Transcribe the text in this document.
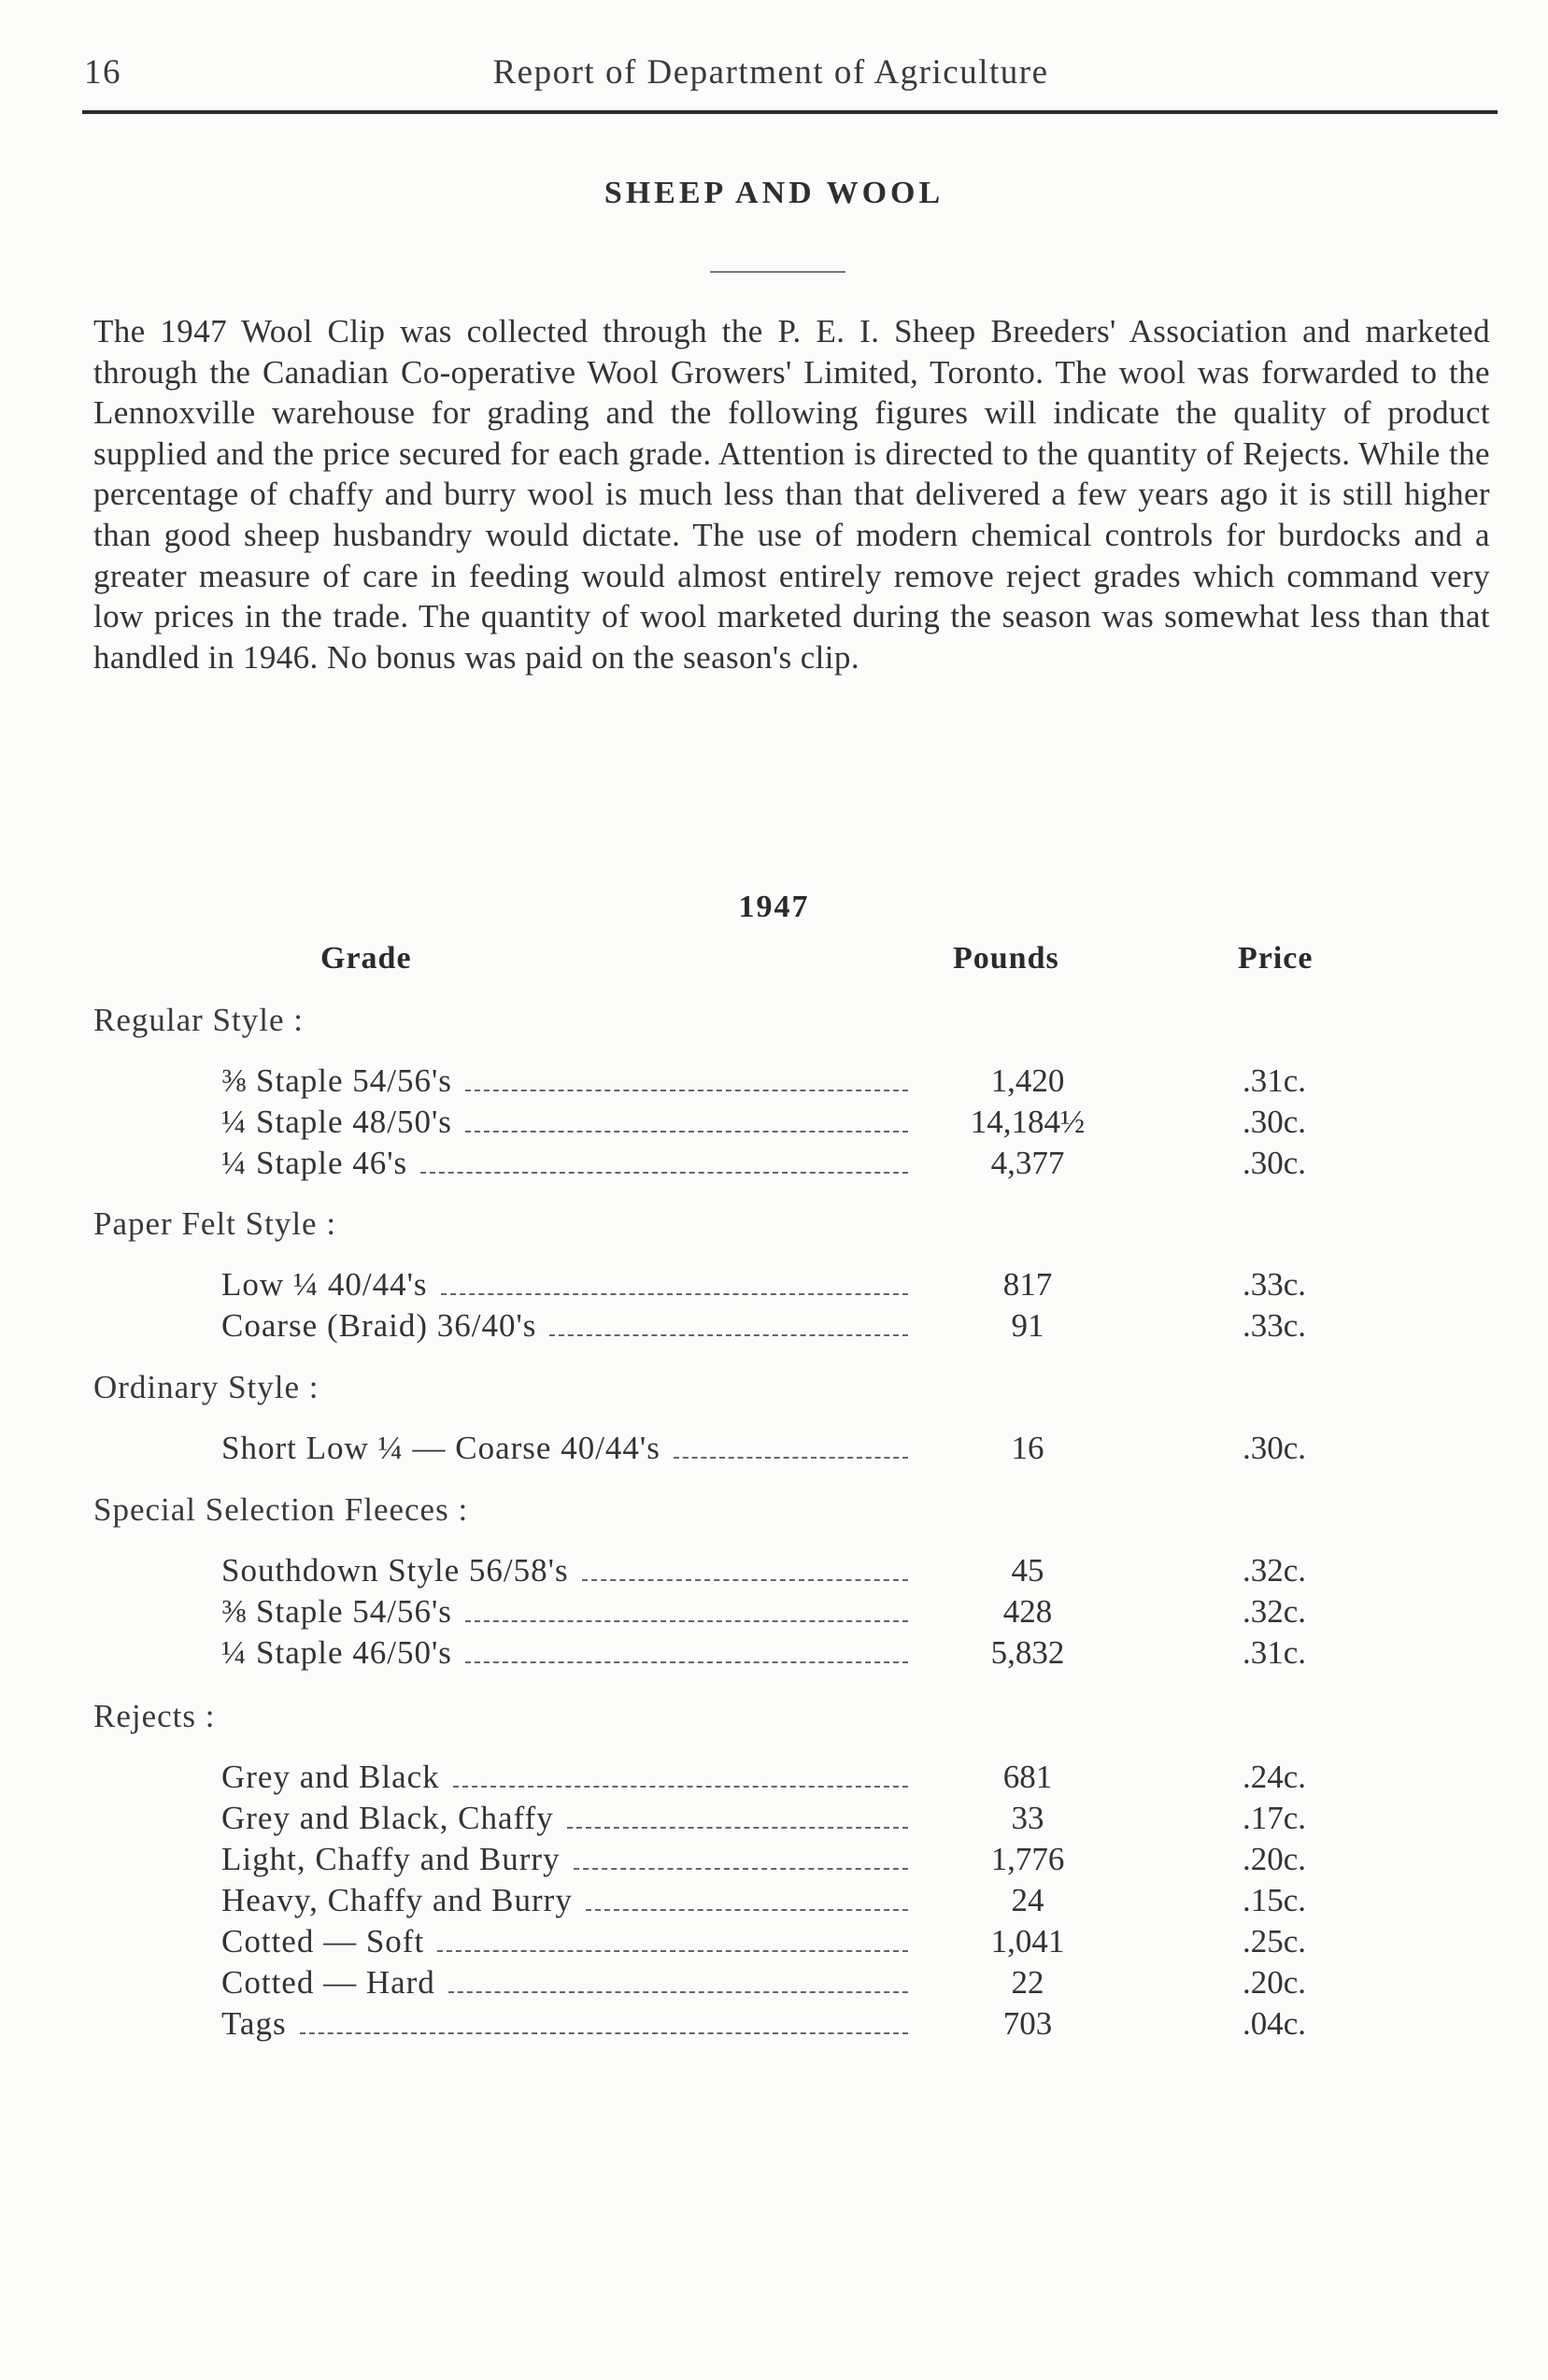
16	Report of Department of Agriculture
SHEEP AND WOOL
The 1947 Wool Clip was collected through the P. E. I. Sheep Breeders' Association and marketed through the Canadian Co-operative Wool Growers' Limited, Toronto. The wool was forwarded to the Lennoxville warehouse for grading and the following figures will indicate the quality of product supplied and the price secured for each grade. Attention is directed to the quantity of Rejects. While the percentage of chaffy and burry wool is much less than that delivered a few years ago it is still higher than good sheep husbandry would dictate. The use of modern chemical controls for burdocks and a greater measure of care in feeding would almost entirely remove reject grades which command very low prices in the trade. The quantity of wool marketed during the season was somewhat less than that handled in 1946. No bonus was paid on the season's clip.
1947
Grade	Pounds	Price
Regular Style :
⅜ Staple 54/56's	1,420	.31c.
¼ Staple 48/50's	14,184½	.30c.
¼ Staple 46's	4,377	.30c.
Paper Felt Style :
Low ¼ 40/44's	817	.33c.
Coarse (Braid) 36/40's	91	.33c.
Ordinary Style :
Short Low ¼ — Coarse 40/44's	16	.30c.
Special Selection Fleeces :
Southdown Style 56/58's	45	.32c.
⅜ Staple 54/56's	428	.32c.
¼ Staple 46/50's	5,832	.31c.
Rejects :
Grey and Black	681	.24c.
Grey and Black, Chaffy	33	.17c.
Light, Chaffy and Burry	1,776	.20c.
Heavy, Chaffy and Burry	24	.15c.
Cotted — Soft	1,041	.25c.
Cotted — Hard	22	.20c.
Tags	703	.04c.
